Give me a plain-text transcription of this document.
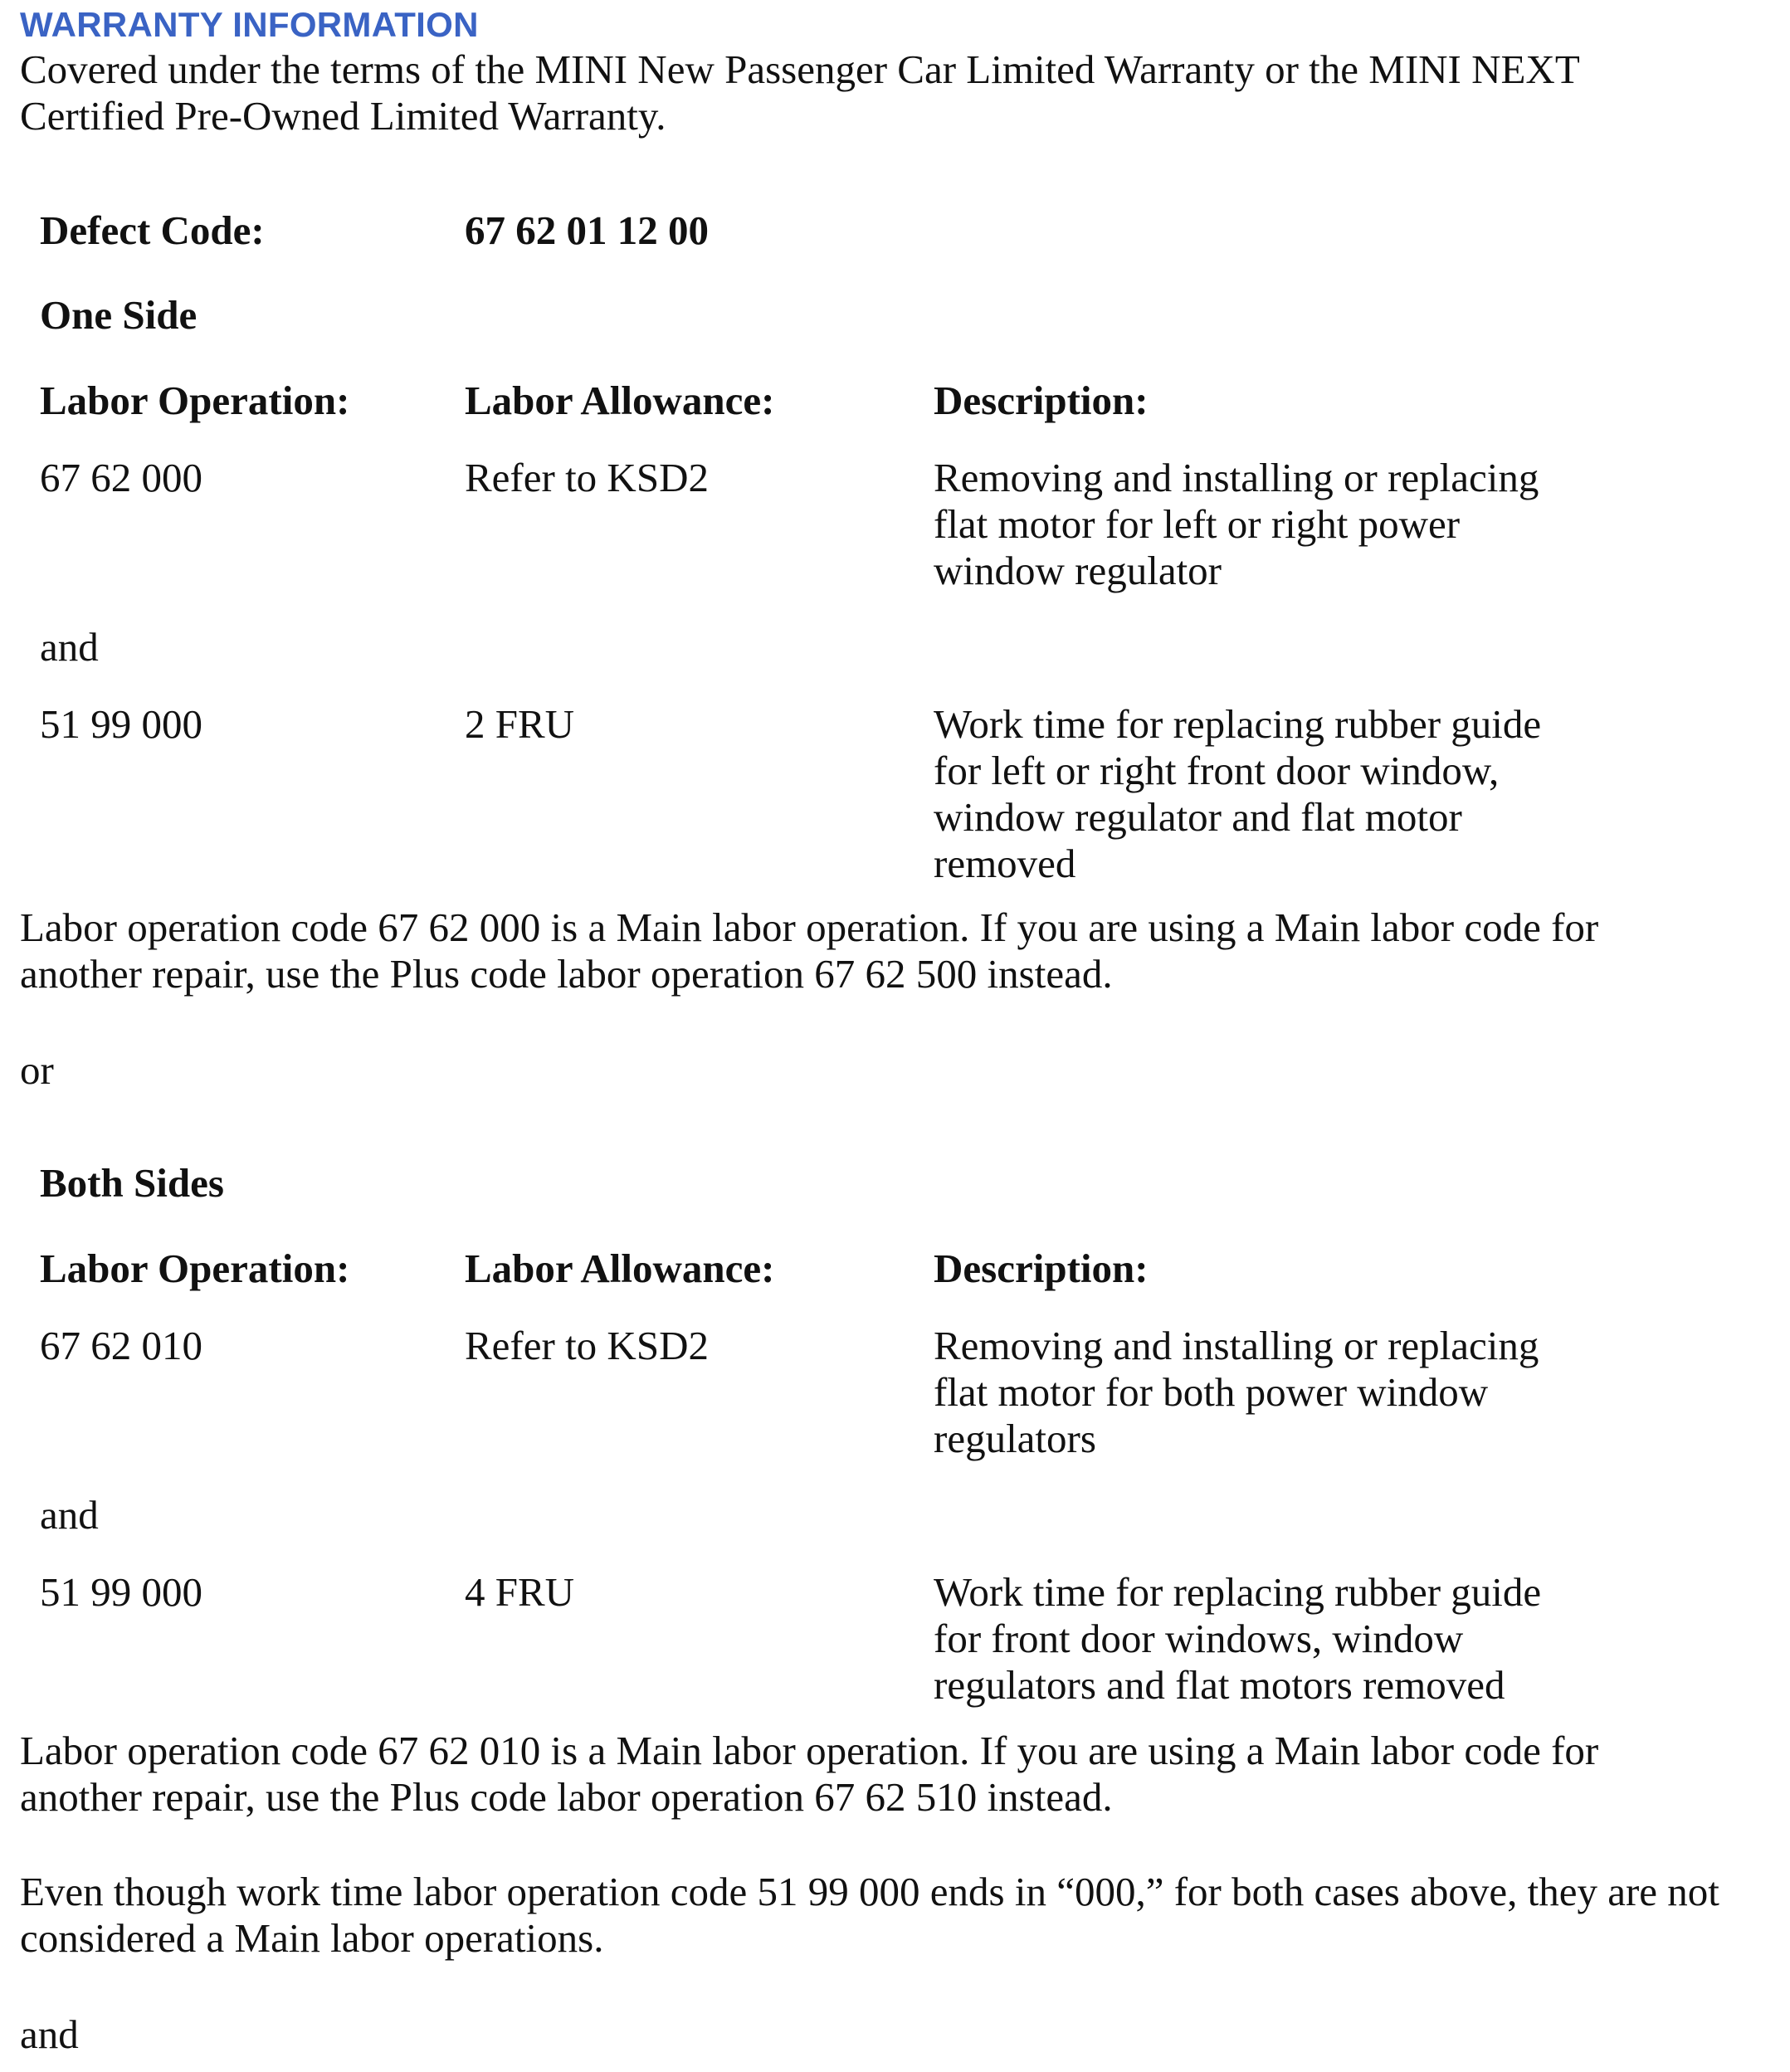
WARRANTY INFORMATION
Covered under the terms of the MINI New Passenger Car Limited Warranty or the MINI NEXT
Certified Pre-Owned Limited Warranty.
Defect Code:	67 62 01 12 00
One Side
Labor Operation:	Labor Allowance:	Description:
67 62 000	Refer to KSD2	Removing and installing or replacing
flat motor for left or right power
window regulator
and
51 99 000	2 FRU	Work time for replacing rubber guide
for left or right front door window,
window regulator and flat motor
removed
Labor operation code 67 62 000 is a Main labor operation. If you are using a Main labor code for
another repair, use the Plus code labor operation 67 62 500 instead.
or
Both Sides
Labor Operation:	Labor Allowance:	Description:
67 62 010	Refer to KSD2	Removing and installing or replacing
flat motor for both power window
regulators
and
51 99 000	4 FRU	Work time for replacing rubber guide
for front door windows, window
regulators and flat motors removed
Labor operation code 67 62 010 is a Main labor operation. If you are using a Main labor code for
another repair, use the Plus code labor operation 67 62 510 instead.
Even though work time labor operation code 51 99 000 ends in “000,” for both cases above, they are not
considered a Main labor operations.
and
